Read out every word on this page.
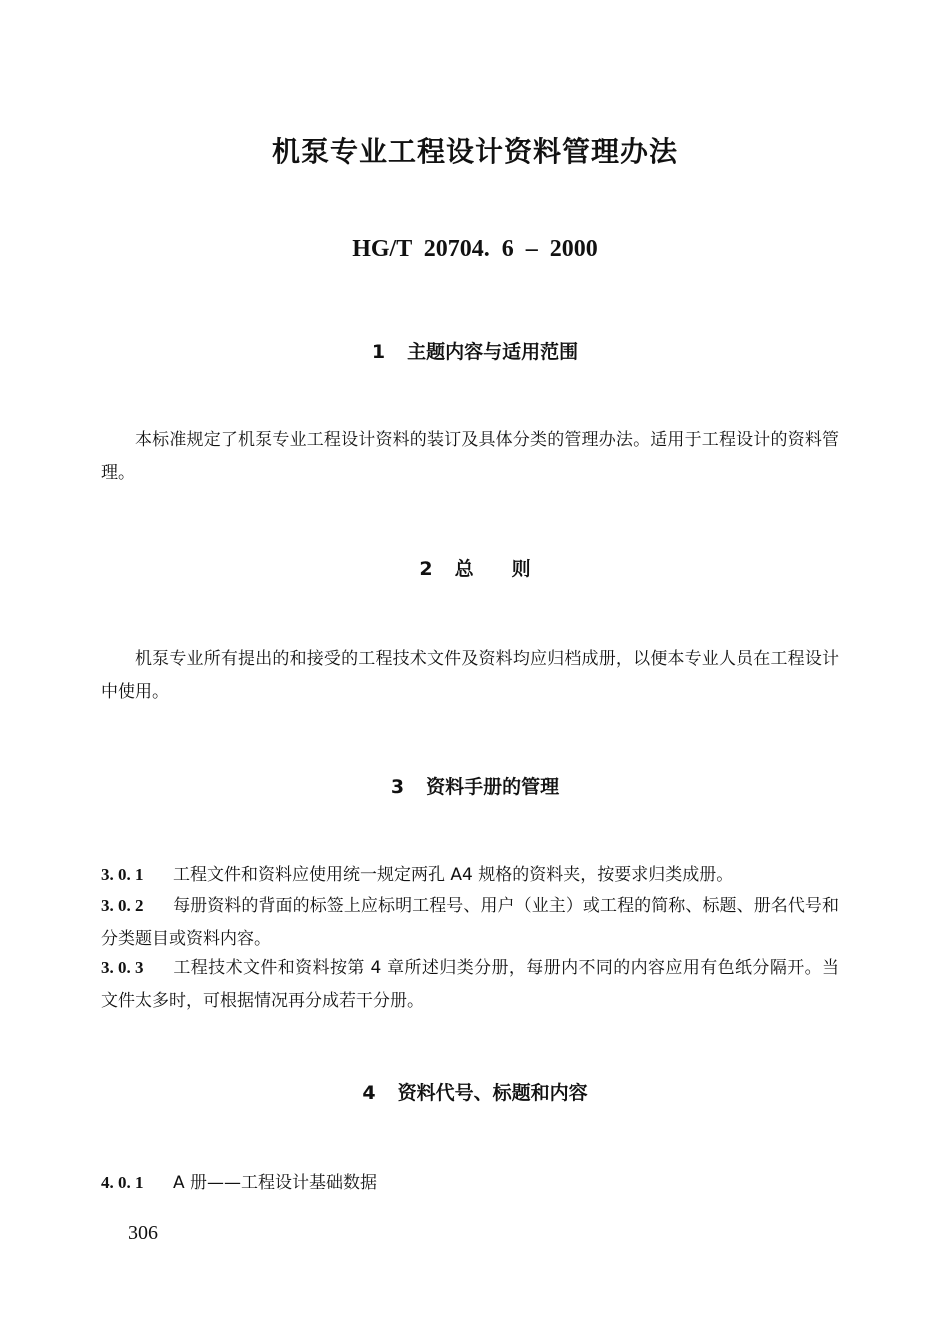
机泵专业工程设计资料管理办法
HG/T 20704. 6 – 2000
1 主题内容与适用范围
本标准规定了机泵专业工程设计资料的装订及具体分类的管理办法。适用于工程设计的资料管理。
2 总　　则
机泵专业所有提出的和接受的工程技术文件及资料均应归档成册，以便本专业人员在工程设计中使用。
3 资料手册的管理
3. 0. 1 工程文件和资料应使用统一规定两孔 A4 规格的资料夹，按要求归类成册。
3. 0. 2 每册资料的背面的标签上应标明工程号、用户（业主）或工程的简称、标题、册名代号和分类题目或资料内容。
3. 0. 3 工程技术文件和资料按第 4 章所述归类分册，每册内不同的内容应用有色纸分隔开。当文件太多时，可根据情况再分成若干分册。
4 资料代号、标题和内容
4. 0. 1 A 册——工程设计基础数据
306
